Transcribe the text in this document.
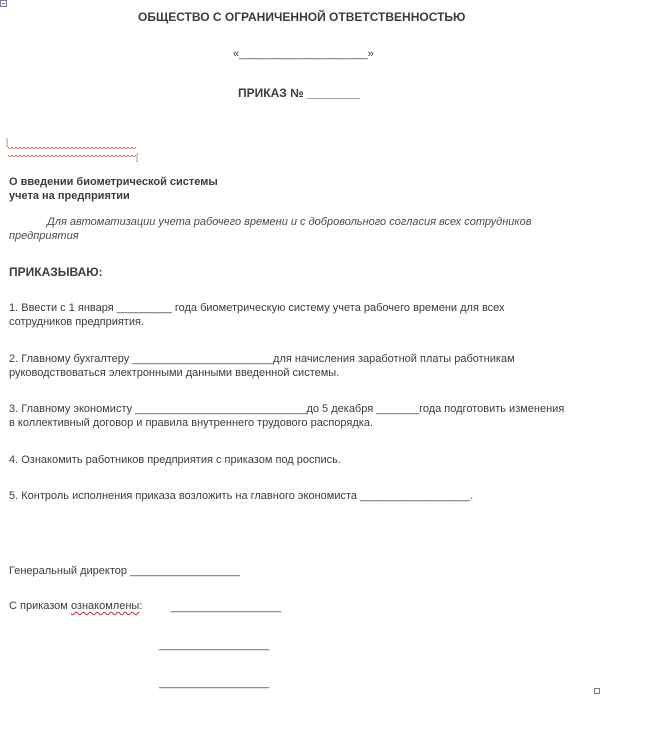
ОБЩЕСТВО С ОГРАНИЧЕННОЙ ОТВЕТСТВЕННОСТЬЮ
«_____________________»
ПРИКАЗ № ________
[
[
О введении биометрической системы
учета на предприятии
Для автоматизации учета рабочего времени и с добровольного согласия всех сотрудников
предприятия
ПРИКАЗЫВАЮ:
1. Ввести с 1 января _________ года биометрическую систему учета рабочего времени для всех
сотрудников предприятия.
2. Главному бухгалтеру _______________________для начисления заработной платы работникам
руководствоваться электронными данными введенной системы.
3. Главному экономисту ____________________________до 5 декабря _______года подготовить изменения
в коллективный договор и правила внутреннего трудового распорядка.
4. Ознакомить работников предприятия с приказом под роспись.
5. Контроль исполнения приказа возложить на главного экономиста __________________.
Генеральный директор __________________
С приказом ознакомлены:	__________________
__________________
__________________
